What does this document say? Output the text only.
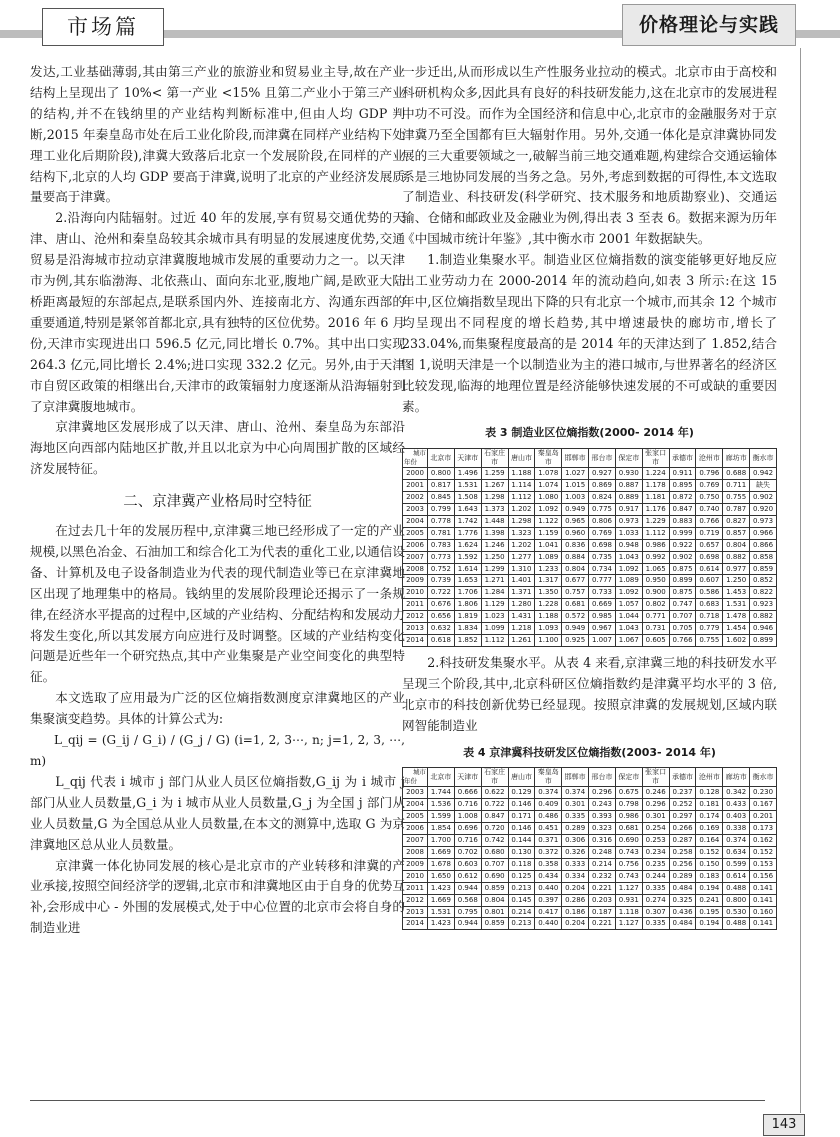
市场篇	价格理论与实践

发达,工业基础薄弱,其由第三产业的旅游业和贸易业主导,故在产业结构上呈现出了 10%< 第一产业 <15% 且第二产业小于第三产业的结构,并不在钱纳里的产业结构判断标准中,但由人均 GDP 判断,2015 年秦皇岛市处在后工业化阶段,而津冀在同样产业结构下处理工业化后期阶段),津冀大致落后北京一个发展阶段,在同样的产业结构下,北京的人均 GDP 要高于津冀,说明了北京的产业经济发展质量要高于津冀。

2.沿海向内陆辐射。过近 40 年的发展,享有贸易交通优势的天津、唐山、沧州和秦皇岛较其余城市具有明显的发展速度优势,交通贸易是沿海城市拉动京津冀腹地城市发展的重要动力之一。以天津市为例,其东临渤海、北依燕山、面向东北亚,腹地广阔,是欧亚大陆桥距离最短的东部起点,是联系国内外、连接南北方、沟通东西部的重要通道,特别是紧邻首都北京,具有独特的区位优势。2016 年 6 月份,天津市实现进出口 596.5 亿元,同比增长 0.7%。其中出口实现264.3 亿元,同比增长 2.4%;进口实现 332.2 亿元。另外,由于天津市自贸区政策的相继出台,天津市的政策辐射力度逐渐从沿海辐射到了京津冀腹地城市。

京津冀地区发展形成了以天津、唐山、沧州、秦皇岛为东部沿海地区向西部内陆地区扩散,并且以北京为中心向周围扩散的区域经济发展特征。

二、京津冀产业格局时空特征

在过去几十年的发展历程中,京津冀三地已经形成了一定的产业规模,以黑色冶金、石油加工和综合化工为代表的重化工业,以通信设备、计算机及电子设备制造业为代表的现代制造业等已在京津冀地区出现了地理集中的格局。钱纳里的发展阶段理论还揭示了一条规律,在经济水平提高的过程中,区域的产业结构、分配结构和发展动力将发生变化,所以其发展方向应进行及时调整。区域的产业结构变化问题是近些年一个研究热点,其中产业集聚是产业空间变化的典型特征。

本文选取了应用最为广泛的区位熵指数测度京津冀地区的产业集聚演变趋势。具体的计算公式为:

L_qij = (G_ij / G_i) / (G_j / G) (i=1, 2, 3⋯, n; j=1, 2, 3, ⋯, m)

L_qij 代表 i 城市 j 部门从业人员区位熵指数,G_ij 为 i 城市 j 部门从业人员数量,G_i 为 i 城市从业人员数量,G_j 为全国 j 部门从业人员数量,G 为全国总从业人员数量,在本文的测算中,选取 G 为京津冀地区总从业人员数量。

京津冀一体化协同发展的核心是北京市的产业转移和津冀的产业承接,按照空间经济学的逻辑,北京市和津冀地区由于自身的优势互补,会形成中心 - 外围的发展模式,处于中心位置的北京市会将自身的制造业进

一步迁出,从而形成以生产性服务业拉动的模式。北京市由于高校和科研机构众多,因此具有良好的科技研发能力,这在北京市的发展进程中功不可没。而作为全国经济和信息中心,北京市的金融服务对于京津冀乃至全国都有巨大辐射作用。另外,交通一体化是京津冀协同发展的三大重要领域之一,破解当前三地交通难题,构建综合交通运输体系是三地协同发展的当务之急。另外,考虑到数据的可得性,本文选取了制造业、科技研发(科学研究、技术服务和地质勘察业)、交通运输、仓储和邮政业及金融业为例,得出表 3 至表 6。数据来源为历年《中国城市统计年鉴》,其中衡水市 2001 年数据缺失。

1.制造业集聚水平。制造业区位熵指数的演变能够更好地反应出工业劳动力在 2000-2014 年的流动趋向,如表 3 所示:在这 15 年中,区位熵指数呈现出下降的只有北京一个城市,而其余 12 个城市均呈现出不同程度的增长趋势,其中增速最快的廊坊市,增长了 233.04%,而集聚程度最高的是 2014 年的天津达到了 1.852,结合图 1,说明天津是一个以制造业为主的港口城市,与世界著名的经济区比较发现,临海的地理位置是经济能够快速发展的不可或缺的重要因素。

表 3 制造业区位熵指数(2000- 2014 年)
城市
年份	北京市	天津市	石家庄市	唐山市	秦皇岛市	邯郸市	邢台市	保定市	张家口市	承德市	沧州市	廊坊市	衡水市
2000	0.800	1.496	1.259	1.188	1.078	1.027	0.927	0.930	1.224	0.911	0.796	0.688	0.942
2001	0.817	1.531	1.267	1.114	1.074	1.015	0.869	0.887	1.178	0.895	0.769	0.711	缺失
2002	0.845	1.508	1.298	1.112	1.080	1.003	0.824	0.889	1.181	0.872	0.750	0.755	0.902
2003	0.799	1.643	1.373	1.202	1.092	0.949	0.775	0.917	1.176	0.847	0.740	0.787	0.920
2004	0.778	1.742	1.448	1.298	1.122	0.965	0.806	0.973	1.229	0.883	0.766	0.827	0.973
2005	0.781	1.776	1.398	1.323	1.159	0.960	0.769	1.033	1.112	0.999	0.719	0.857	0.966
2006	0.783	1.624	1.246	1.202	1.041	0.836	0.698	0.948	0.986	0.922	0.657	0.804	0.866
2007	0.773	1.592	1.250	1.277	1.089	0.884	0.735	1.043	0.992	0.902	0.698	0.882	0.858
2008	0.752	1.614	1.299	1.310	1.233	0.804	0.734	1.092	1.065	0.875	0.614	0.977	0.859
2009	0.739	1.653	1.271	1.401	1.317	0.677	0.777	1.089	0.950	0.899	0.607	1.250	0.852
2010	0.722	1.706	1.284	1.371	1.350	0.757	0.733	1.092	0.900	0.875	0.586	1.453	0.822
2011	0.676	1.806	1.129	1.280	1.228	0.681	0.669	1.057	0.802	0.747	0.683	1.531	0.923
2012	0.656	1.819	1.023	1.431	1.188	0.572	0.985	1.044	0.771	0.707	0.718	1.478	0.882
2013	0.632	1.834	1.099	1.218	1.093	0.949	0.967	1.043	0.731	0.705	0.779	1.454	0.946
2014	0.618	1.852	1.112	1.261	1.100	0.925	1.007	1.067	0.605	0.766	0.755	1.602	0.899

2.科技研发集聚水平。从表 4 来看,京津冀三地的科技研发水平呈现三个阶段,其中,北京科研区位熵指数约是津冀平均水平的 3 倍,北京市的科技创新优势已经显现。按照京津冀的发展规划,区域内联网智能制造业

表 4 京津冀科技研发区位熵指数(2003- 2014 年)
城市
年份	北京市	天津市	石家庄市	唐山市	秦皇岛市	邯郸市	邢台市	保定市	张家口市	承德市	沧州市	廊坊市	衡水市
2003	1.744	0.666	0.622	0.129	0.374	0.374	0.296	0.675	0.246	0.237	0.128	0.342	0.230
2004	1.536	0.716	0.722	0.146	0.409	0.301	0.243	0.798	0.296	0.252	0.181	0.433	0.167
2005	1.599	1.008	0.847	0.171	0.486	0.335	0.393	0.986	0.301	0.297	0.174	0.403	0.201
2006	1.854	0.696	0.720	0.146	0.451	0.289	0.323	0.681	0.254	0.266	0.169	0.338	0.173
2007	1.700	0.716	0.742	0.144	0.371	0.306	0.316	0.690	0.253	0.287	0.164	0.374	0.162
2008	1.669	0.702	0.680	0.130	0.372	0.326	0.248	0.743	0.234	0.258	0.152	0.634	0.152
2009	1.678	0.603	0.707	0.118	0.358	0.333	0.214	0.756	0.235	0.256	0.150	0.599	0.153
2010	1.650	0.612	0.690	0.125	0.434	0.334	0.232	0.743	0.244	0.289	0.183	0.614	0.156
2011	1.423	0.944	0.859	0.213	0.440	0.204	0.221	1.127	0.335	0.484	0.194	0.488	0.141
2012	1.669	0.568	0.804	0.145	0.397	0.286	0.203	0.931	0.274	0.325	0.241	0.800	0.141
2013	1.531	0.795	0.801	0.214	0.417	0.186	0.187	1.118	0.307	0.436	0.195	0.530	0.160
2014	1.423	0.944	0.859	0.213	0.440	0.204	0.221	1.127	0.335	0.484	0.194	0.488	0.141
143
